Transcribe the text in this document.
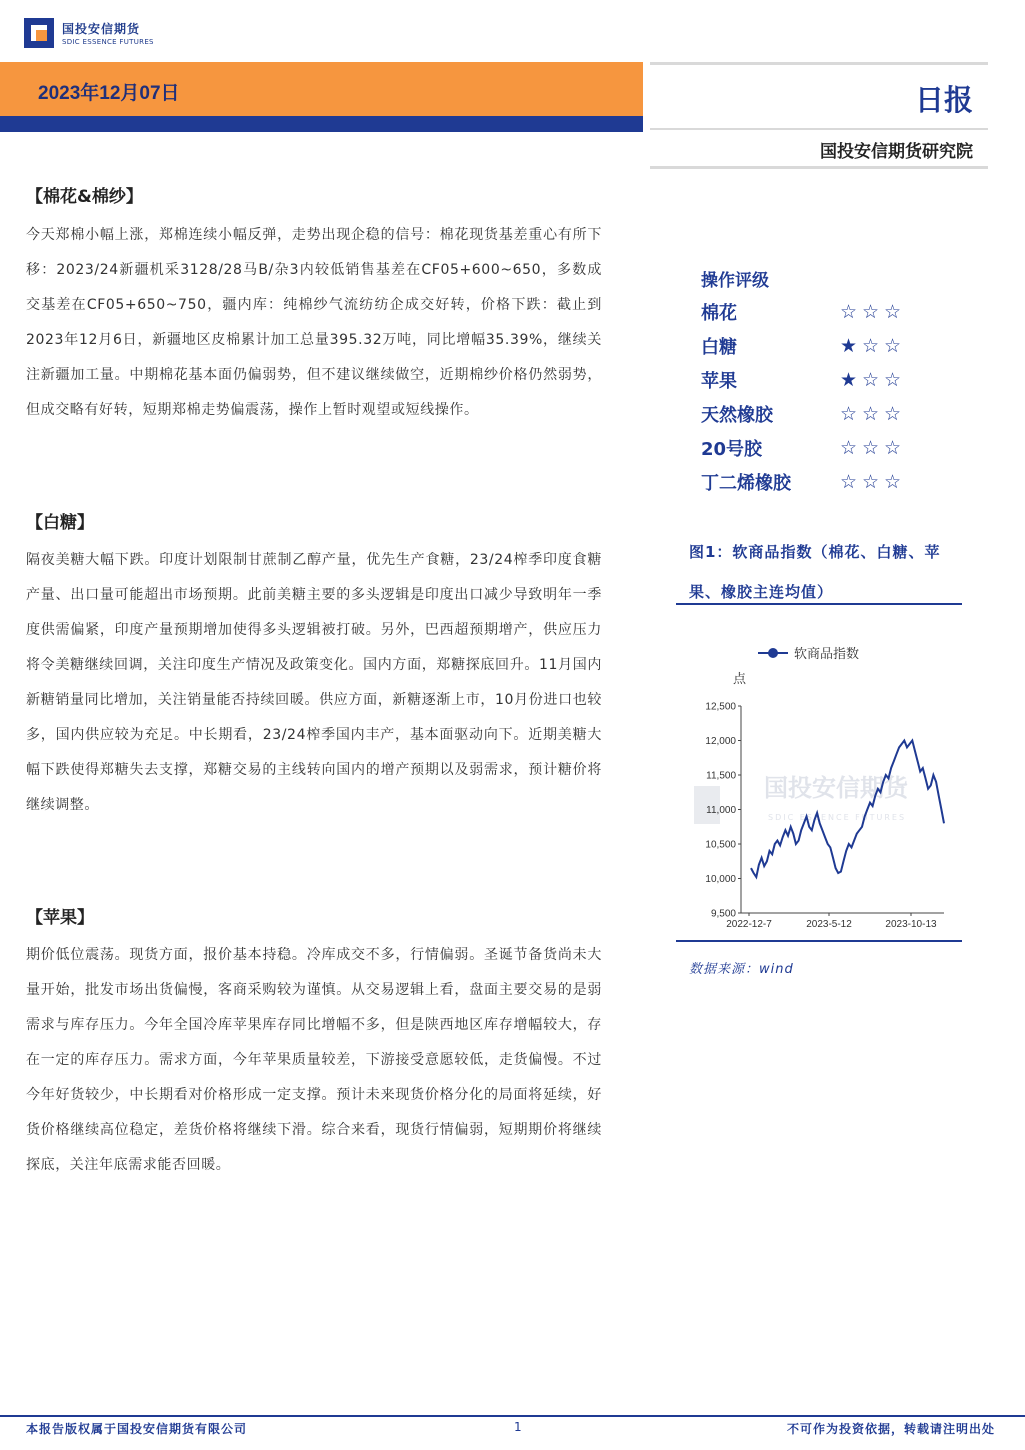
国投安信期货
SDIC ESSENCE FUTURES
2023年12月07日	日报
国投安信期货研究院
【棉花&棉纱】

今天郑棉小幅上涨，郑棉连续小幅反弹，走势出现企稳的信号：棉花现货基差重心有所下移：2023/24新疆机采3128/28马B/杂3内较低销售基差在CF05+600~650，多数成交基差在CF05+650~750，疆内库：纯棉纱气流纺纺企成交好转，价格下跌：截止到2023年12月6日，新疆地区皮棉累计加工总量395.32万吨，同比增幅35.39%，继续关注新疆加工量。中期棉花基本面仍偏弱势，但不建议继续做空，近期棉纱价格仍然弱势，但成交略有好转，短期郑棉走势偏震荡，操作上暂时观望或短线操作。

【白糖】

隔夜美糖大幅下跌。印度计划限制甘蔗制乙醇产量，优先生产食糖，23/24榨季印度食糖产量、出口量可能超出市场预期。此前美糖主要的多头逻辑是印度出口减少导致明年一季度供需偏紧，印度产量预期增加使得多头逻辑被打破。另外，巴西超预期增产，供应压力将令美糖继续回调，关注印度生产情况及政策变化。国内方面，郑糖探底回升。11月国内新糖销量同比增加，关注销量能否持续回暖。供应方面，新糖逐渐上市，10月份进口也较多，国内供应较为充足。中长期看，23/24榨季国内丰产，基本面驱动向下。近期美糖大幅下跌使得郑糖失去支撑，郑糖交易的主线转向国内的增产预期以及弱需求，预计糖价将继续调整。

【苹果】

期价低位震荡。现货方面，报价基本持稳。冷库成交不多，行情偏弱。圣诞节备货尚未大量开始，批发市场出货偏慢，客商采购较为谨慎。从交易逻辑上看，盘面主要交易的是弱需求与库存压力。今年全国冷库苹果库存同比增幅不多，但是陕西地区库存增幅较大，存在一定的库存压力。需求方面，今年苹果质量较差，下游接受意愿较低，走货偏慢。不过今年好货较少，中长期看对价格形成一定支撑。预计未来现货价格分化的局面将延续，好货价格继续高位稳定，差货价格将继续下滑。综合来看，现货行情偏弱，短期期价将继续探底，关注年底需求能否回暖。

操作评级
棉花	☆ ☆ ☆
白糖	★ ☆ ☆
苹果	★ ☆ ☆
天然橡胶	☆ ☆ ☆
20号胶	☆ ☆ ☆
丁二烯橡胶	☆ ☆ ☆
图1：软商品指数（棉花、白糖、苹果、橡胶主连均值）
国投安信期货
SDIC ESSENCE FUTURES
软商品指数
点
12,500
12,000
11,500
11,000
10,500
10,000
9,500
2022-12-7	2023-5-12	2023-10-13
数据来源：wind
本报告版权属于国投安信期货有限公司	1	不可作为投资依据，转载请注明出处
